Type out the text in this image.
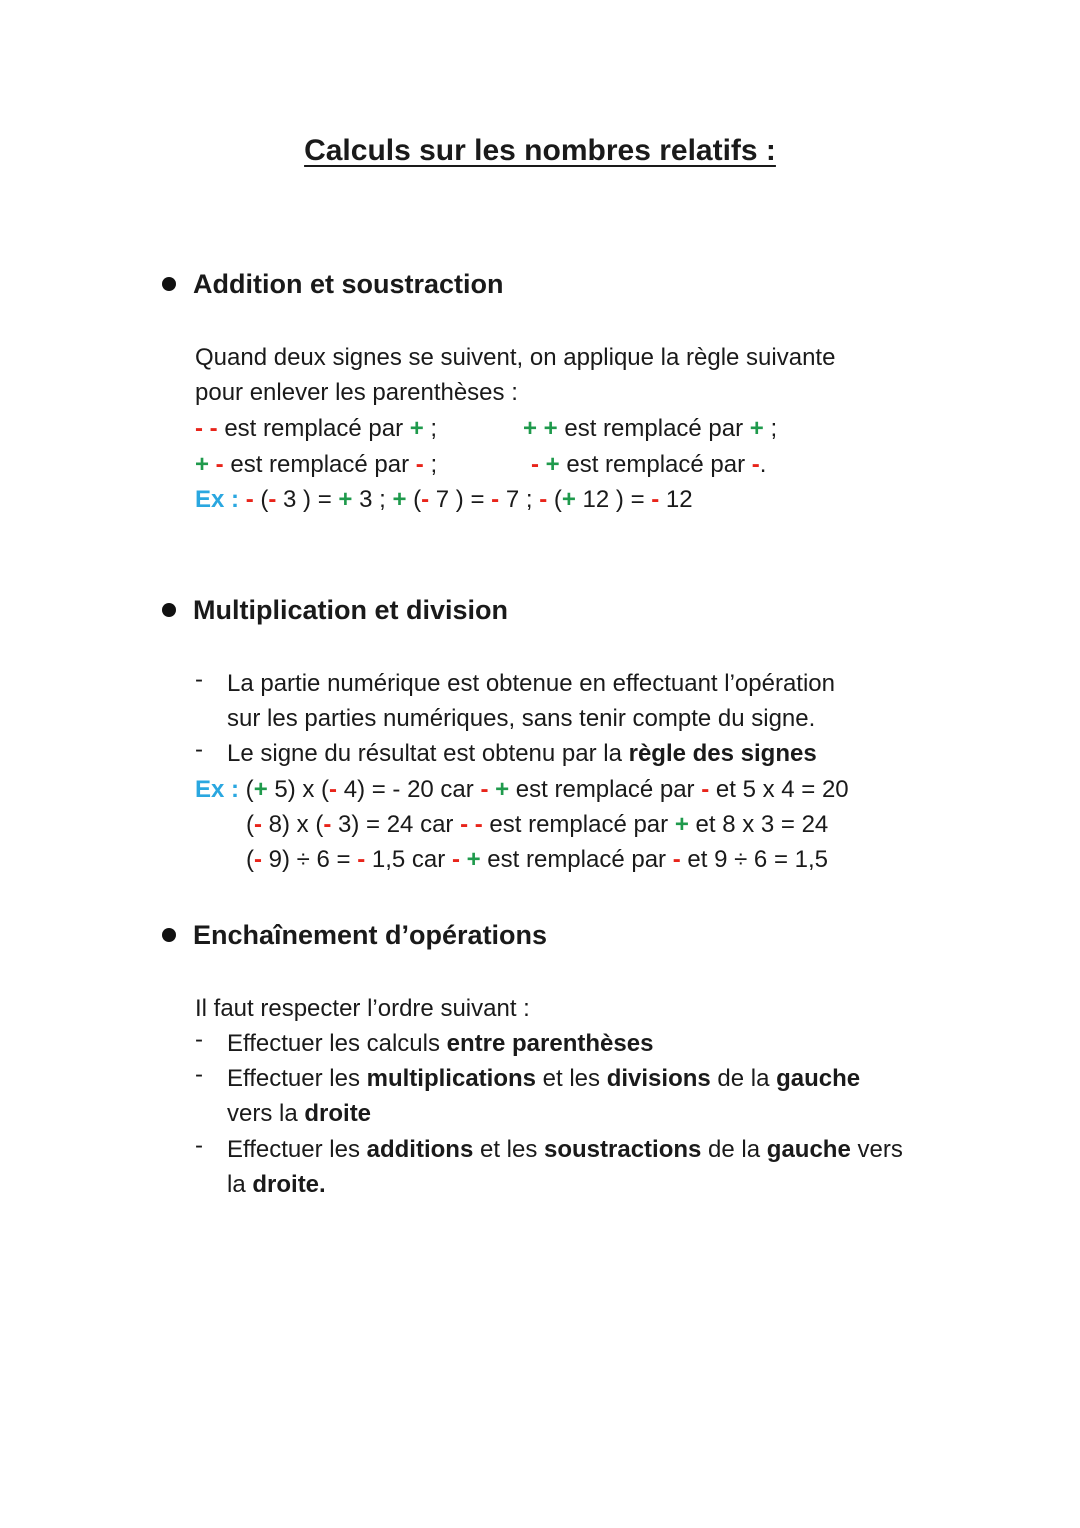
Calculs sur les nombres relatifs :
Addition et soustraction
Quand deux signes se suivent, on applique la règle suivante
pour enlever les parenthèses :
- - est remplacé par + ;	+ + est remplacé par + ;
+ - est remplacé par - ;	- + est remplacé par -.
Ex : - (- 3 ) = + 3 ; + (- 7 ) = - 7 ; - (+ 12 ) = - 12
Multiplication et division
- La partie numérique est obtenue en effectuant l’opération
sur les parties numériques, sans tenir compte du signe.
- Le signe du résultat est obtenu par la règle des signes
Ex : (+ 5) x (- 4) = - 20 car - + est remplacé par - et 5 x 4 = 20
(- 8) x (- 3) = 24 car - - est remplacé par + et 8 x 3 = 24
(- 9) ÷ 6 = - 1,5 car - + est remplacé par - et 9 ÷ 6 = 1,5
Enchaînement d’opérations
Il faut respecter l’ordre suivant :
- Effectuer les calculs entre parenthèses
- Effectuer les multiplications et les divisions de la gauche
vers la droite
- Effectuer les additions et les soustractions de la gauche vers
la droite.
